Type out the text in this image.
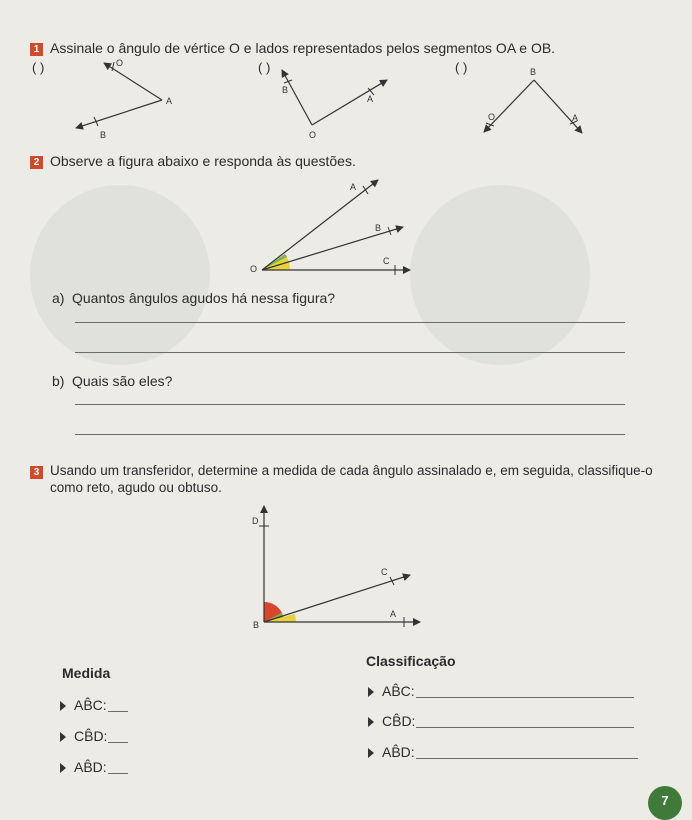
1 Assinale o ângulo de vértice O e lados representados pelos segmentos OA e OB.
( )	( )	( )
2 Observe a figura abaixo e responda às questões.
a) Quantos ângulos agudos há nessa figura?
b) Quais são eles?
3 Usando um transferidor, determine a medida de cada ângulo assinalado e, em seguida, classifique-o
como reto, agudo ou obtuso.
Medida
Classificação
AB̂C:
CB̂D:
AB̂D:
AB̂C:
CB̂D:
AB̂D:
O
A
B
B
A
O
B
O	A
A
B
O
C
D
C
B
A
7
